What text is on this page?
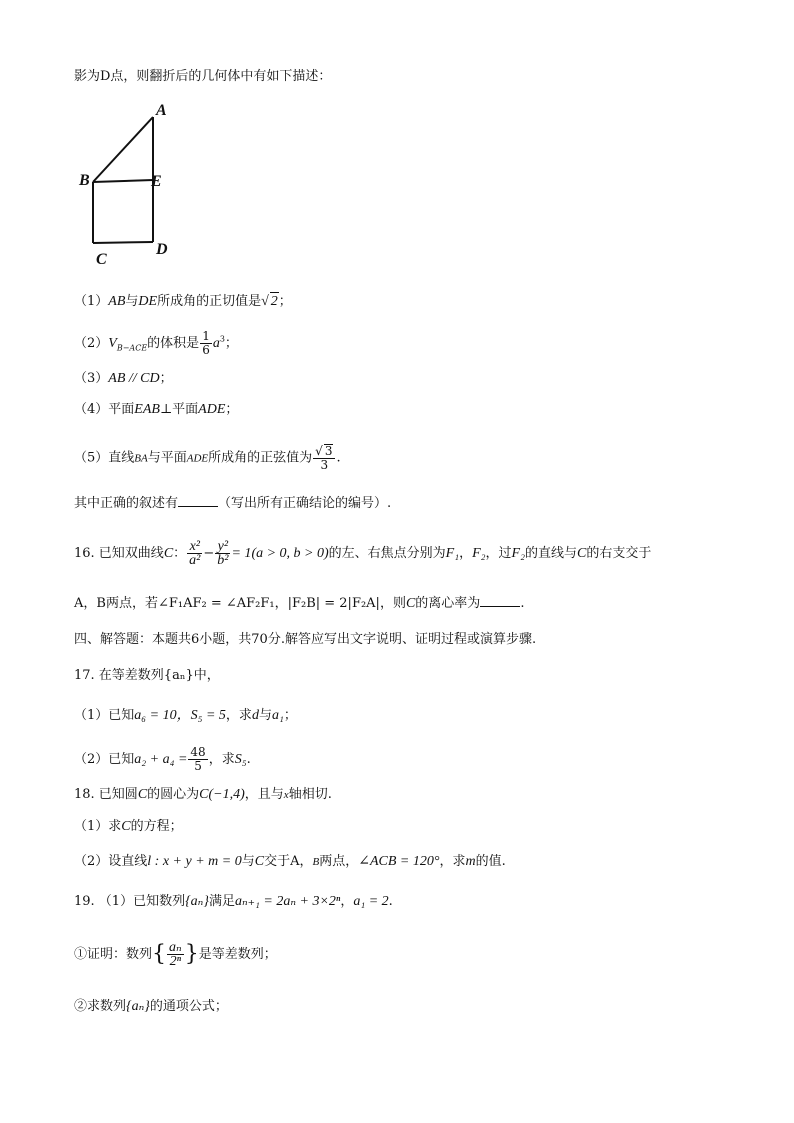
影为D点，则翻折后的几何体中有如下描述：
A
B	E
C
D
（1）AB与DE所成角的正切值是√ 2；
$(2)V_{B-ACE}$的体积是 $\frac{1}{6} a^3$；
（3）AB // CD；
（4）平面EAB⊥平面ADE；
（5）直线BA与平面ADE所成角的正弦值为 $\frac{√ 3}{3}$ .
其中正确的叙述有	（写出所有正确结论的编号）.
16. 已知双曲线C： $\frac{\text{x²}}{\text{a²}} - \frac{\text{y²}}{\text{b²}} = 1(a > 0$, b > 0)的左、右焦点分别为F₁，F₂，过F₂的直线与C的右支交于
A，B两点，若∠F₁AF₂ = ∠AF₂F₁，|F₂B| = 2|F₂A|，则C的离心率为	.
四、解答题：本题共6小题，共70分.解答应写出文字说明、证明过程或演算步骤.
17. 在等差数列{aₙ}中，
（1）已知a₆ = 10，S₅ = 5，求d与a₁；
（2）已知$a_2 + a_4 = \frac{48}{5}$ ，求S₅.
18. 已知圆C的圆心为C(−1,4)，且与x轴相切.
（1）求C的方程；
（2）设直线l : x + y + m = 0与C交于A，B两点，∠ACB = 120°，求m的值.
19. （1）已知数列{aₙ}满足aₙ₊₁ = 2aₙ + 3×2ⁿ，a₁ = 2.
①证明：数列{ $\frac{\text{aₙ}}{\text{2ⁿ}}$ }是等差数列；
②求数列{aₙ}的通项公式；
